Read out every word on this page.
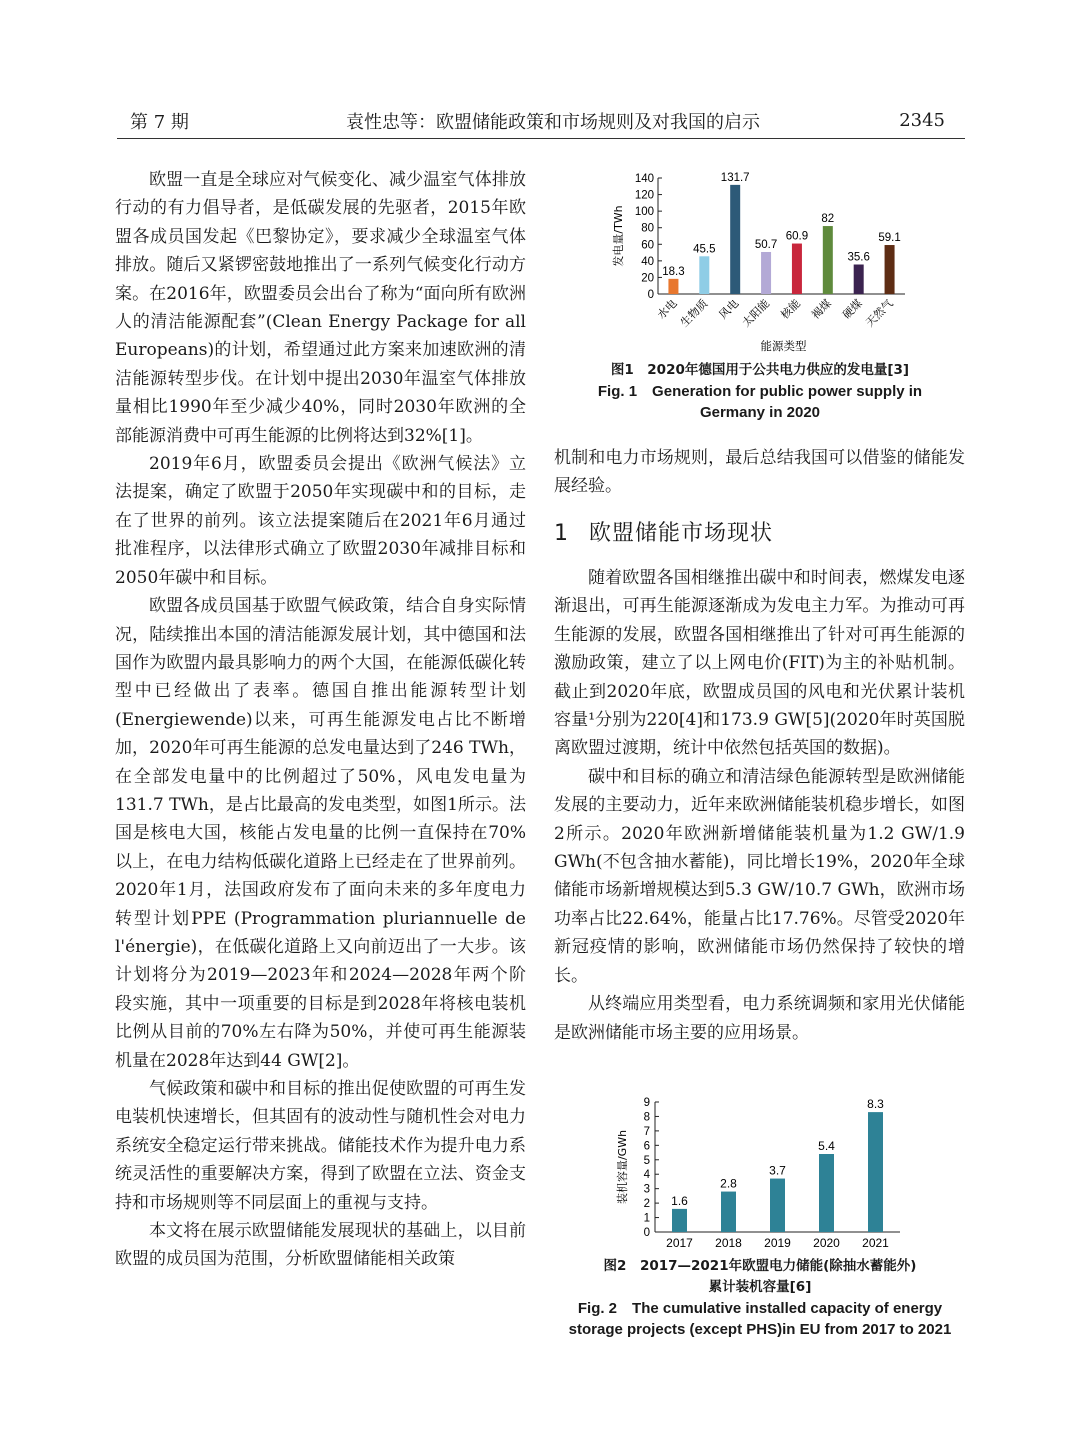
第 7 期	袁性忠等：欧盟储能政策和市场规则及对我国的启示	2345

欧盟一直是全球应对气候变化、减少温室气体排放行动的有力倡导者，是低碳发展的先驱者，2015年欧盟各成员国发起《巴黎协定》，要求减少全球温室气体排放。随后又紧锣密鼓地推出了一系列气候变化行动方案。在2016年，欧盟委员会出台了称为“面向所有欧洲人的清洁能源配套”(Clean Energy Package for all Europeans)的计划，希望通过此方案来加速欧洲的清洁能源转型步伐。在计划中提出2030年温室气体排放量相比1990年至少减少40%，同时2030年欧洲的全部能源消费中可再生能源的比例将达到32%[1]。

2019年6月，欧盟委员会提出《欧洲气候法》立法提案，确定了欧盟于2050年实现碳中和的目标，走在了世界的前列。该立法提案随后在2021年6月通过批准程序，以法律形式确立了欧盟2030年减排目标和2050年碳中和目标。

欧盟各成员国基于欧盟气候政策，结合自身实际情况，陆续推出本国的清洁能源发展计划，其中德国和法国作为欧盟内最具影响力的两个大国，在能源低碳化转型中已经做出了表率。德国自推出能源转型计划(Energiewende)以来，可再生能源发电占比不断增加，2020年可再生能源的总发电量达到了246 TWh，在全部发电量中的比例超过了50%，风电发电量为131.7 TWh，是占比最高的发电类型，如图1所示。法国是核电大国，核能占发电量的比例一直保持在70%以上，在电力结构低碳化道路上已经走在了世界前列。2020年1月，法国政府发布了面向未来的多年度电力转型计划PPE (Programmation pluriannuelle de l'énergie)，在低碳化道路上又向前迈出了一大步。该计划将分为2019—2023年和2024—2028年两个阶段实施，其中一项重要的目标是到2028年将核电装机比例从目前的70%左右降为50%，并使可再生能源装机量在2028年达到44 GW[2]。

气候政策和碳中和目标的推出促使欧盟的可再生发电装机快速增长，但其固有的波动性与随机性会对电力系统安全稳定运行带来挑战。储能技术作为提升电力系统灵活性的重要解决方案，得到了欧盟在立法、资金支持和市场规则等不同层面上的重视与支持。

本文将在展示欧盟储能发展现状的基础上，以目前欧盟的成员国为范围，分析欧盟储能相关政策

0
20
40
60
80
100
120
140
发电量/TWh
能源类型
18.3
水电
45.5
生物质
131.7
风电
50.7
太阳能
60.9
核能
82
褐煤
35.6
硬煤
59.1
天然气
图1　2020年德国用于公共电力供应的发电量[3]
Fig. 1　Generation for public power supply in
Germany in 2020

机制和电力市场规则，最后总结我国可以借鉴的储能发展经验。

1 欧盟储能市场现状

随着欧盟各国相继推出碳中和时间表，燃煤发电逐渐退出，可再生能源逐渐成为发电主力军。为推动可再生能源的发展，欧盟各国相继推出了针对可再生能源的激励政策，建立了以上网电价(FIT)为主的补贴机制。截止到2020年底，欧盟成员国的风电和光伏累计装机容量¹分别为220[4]和173.9 GW[5](2020年时英国脱离欧盟过渡期，统计中依然包括英国的数据)。

碳中和目标的确立和清洁绿色能源转型是欧洲储能发展的主要动力，近年来欧洲储能装机稳步增长，如图2所示。2020年欧洲新增储能装机量为1.2 GW/1.9 GWh(不包含抽水蓄能)，同比增长19%，2020年全球储能市场新增规模达到5.3 GW/10.7 GWh，欧洲市场功率占比22.64%，能量占比17.76%。尽管受2020年新冠疫情的影响，欧洲储能市场仍然保持了较快的增长。

从终端应用类型看，电力系统调频和家用光伏储能是欧洲储能市场主要的应用场景。

0
1
2
3
4
5
6
7
8
9
装机容量/GWh	1.6
2017
2.8
2018
3.7
2019
5.4
2020
8.3
2021
图2　2017—2021年欧盟电力储能(除抽水蓄能外)
累计装机容量[6]
Fig. 2　The cumulative installed capacity of energy
storage projects (except PHS)in EU from 2017 to 2021
